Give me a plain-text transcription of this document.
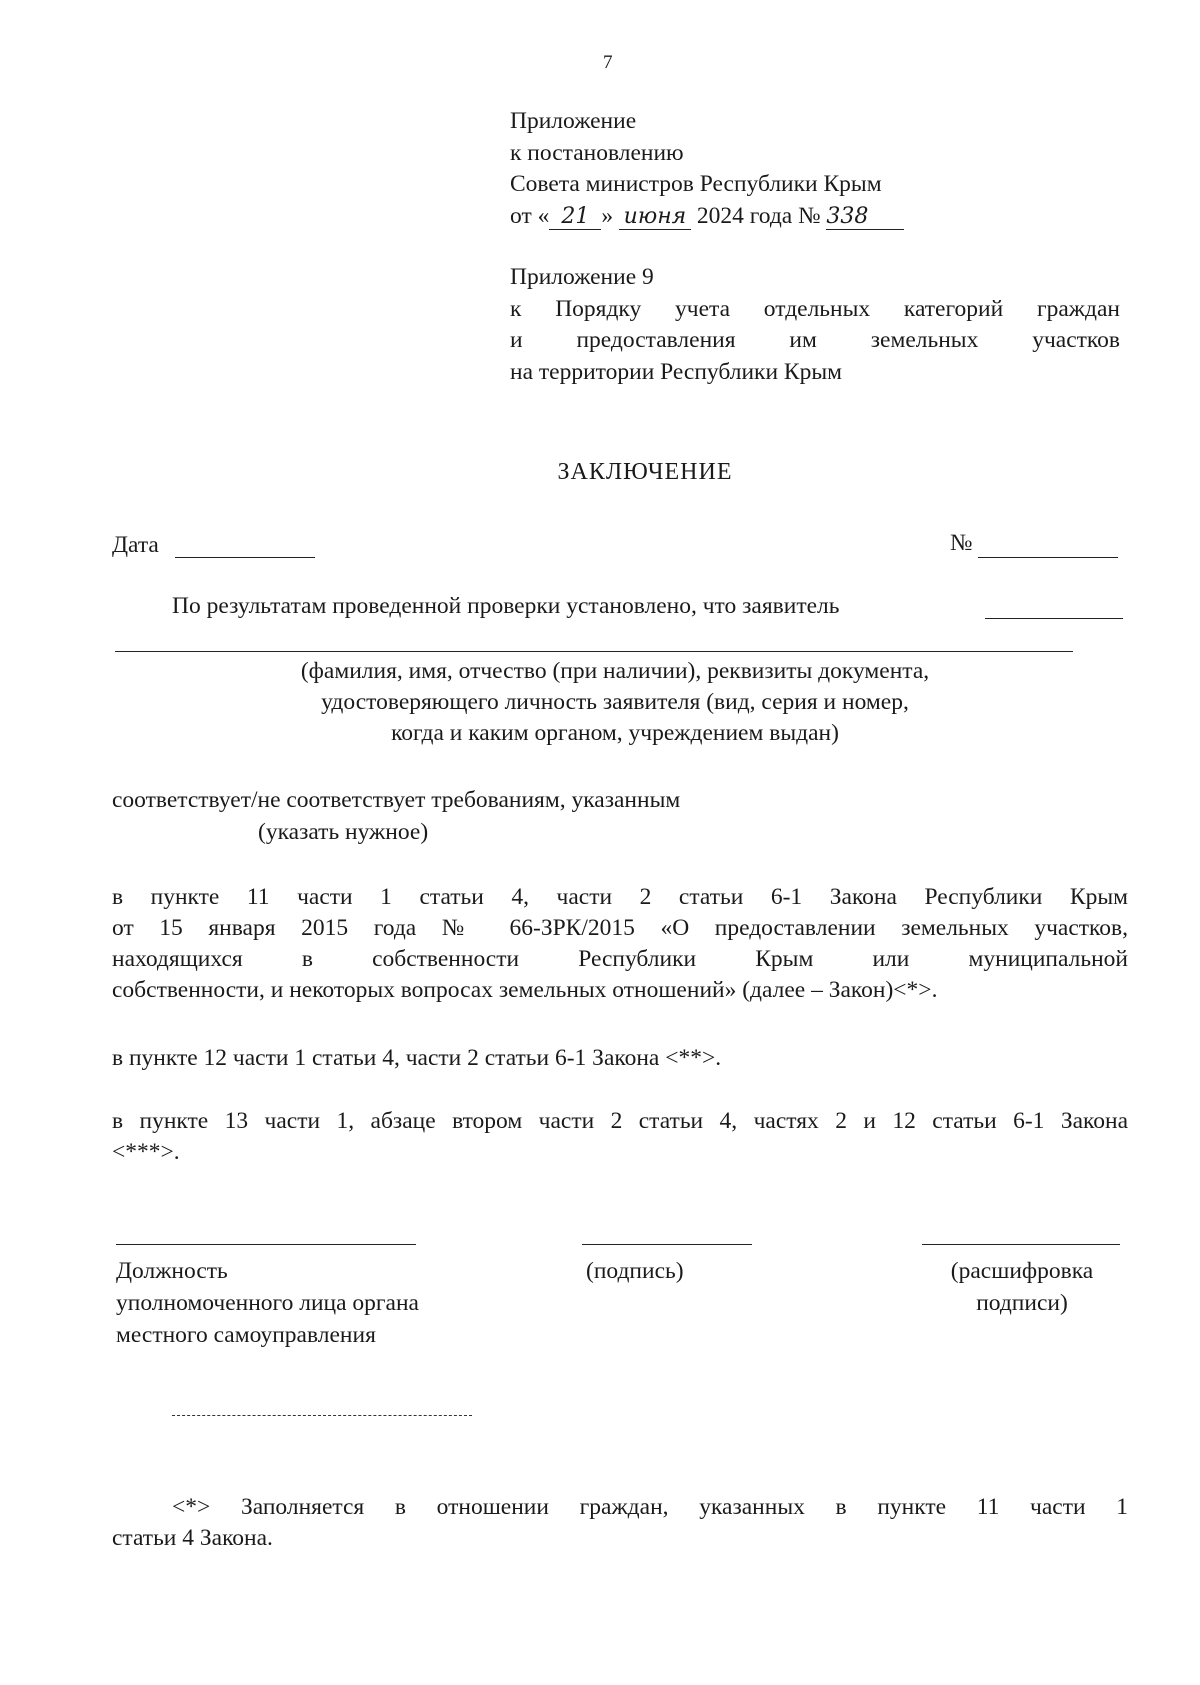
7
Приложение
к постановлению
Совета министров Республики Крым
от « 21 » июня 2024 года № 338
Приложение 9
к Порядку учета отдельных категорий граждан
и предоставления им земельных участков
на территории Республики Крым
ЗАКЛЮЧЕНИЕ
Дата	№
По результатам проведенной проверки установлено, что заявитель
(фамилия, имя, отчество (при наличии), реквизиты документа,
удостоверяющего личность заявителя (вид, серия и номер,
когда и каким органом, учреждением выдан)
соответствует/не соответствует требованиям, указанным
(указать нужное)

в пункте 11 части 1 статьи 4, части 2 статьи 6-1 Закона Республики Крым

от 15 января 2015 года № 66-ЗРК/2015 «О предоставлении земельных участков,

находящихся в собственности Республики Крым или муниципальной

собственности, и некоторых вопросах земельных отношений» (далее – Закон)<*>.

в пункте 12 части 1 статьи 4, части 2 статьи 6-1 Закона <**>.

в пункте 13 части 1, абзаце втором части 2 статьи 4, частях 2 и 12 статьи 6-1 Закона

<***>.

Должность
уполномоченного лица органа
местного самоуправления
(подпись)	(расшифровка
подписи)

<*> Заполняется в отношении граждан, указанных в пункте 11 части 1

статьи 4 Закона.
